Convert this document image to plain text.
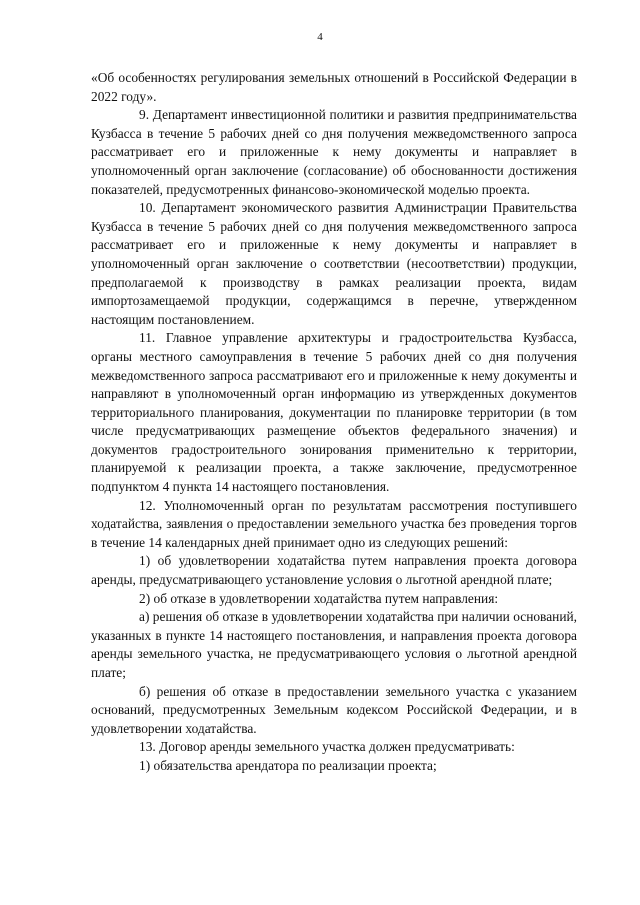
4

«Об особенностях регулирования земельных отношений в Российской Федерации в 2022 году».

9. Департамент инвестиционной политики и развития предпринимательства Кузбасса в течение 5 рабочих дней со дня получения межведомственного запроса рассматривает его и приложенные к нему документы и направляет в уполномоченный орган заключение (согласование) об обоснованности достижения показателей, предусмотренных финансово-экономической моделью проекта.

10. Департамент экономического развития Администрации Правительства Кузбасса в течение 5 рабочих дней со дня получения межведомственного запроса рассматривает его и приложенные к нему документы и направляет в уполномоченный орган заключение о соответствии (несоответствии) продукции, предполагаемой к производству в рамках реализации проекта, видам импортозамещаемой продукции, содержащимся в перечне, утвержденном настоящим постановлением.

11. Главное управление архитектуры и градостроительства Кузбасса, органы местного самоуправления в течение 5 рабочих дней со дня получения межведомственного запроса рассматривают его и приложенные к нему документы и направляют в уполномоченный орган информацию из утвержденных документов территориального планирования, документации по планировке территории (в том числе предусматривающих размещение объектов федерального значения) и документов градостроительного зонирования применительно к территории, планируемой к реализации проекта, а также заключение, предусмотренное подпунктом 4 пункта 14 настоящего постановления.

12. Уполномоченный орган по результатам рассмотрения поступившего ходатайства, заявления о предоставлении земельного участка без проведения торгов в течение 14 календарных дней принимает одно из следующих решений:

1) об удовлетворении ходатайства путем направления проекта договора аренды, предусматривающего установление условия о льготной арендной плате;

2) об отказе в удовлетворении ходатайства путем направления:

а) решения об отказе в удовлетворении ходатайства при наличии оснований, указанных в пункте 14 настоящего постановления, и направления проекта договора аренды земельного участка, не предусматривающего условия о льготной арендной плате;

б) решения об отказе в предоставлении земельного участка с указанием оснований, предусмотренных Земельным кодексом Российской Федерации, и в удовлетворении ходатайства.

13. Договор аренды земельного участка должен предусматривать:

1) обязательства арендатора по реализации проекта;
